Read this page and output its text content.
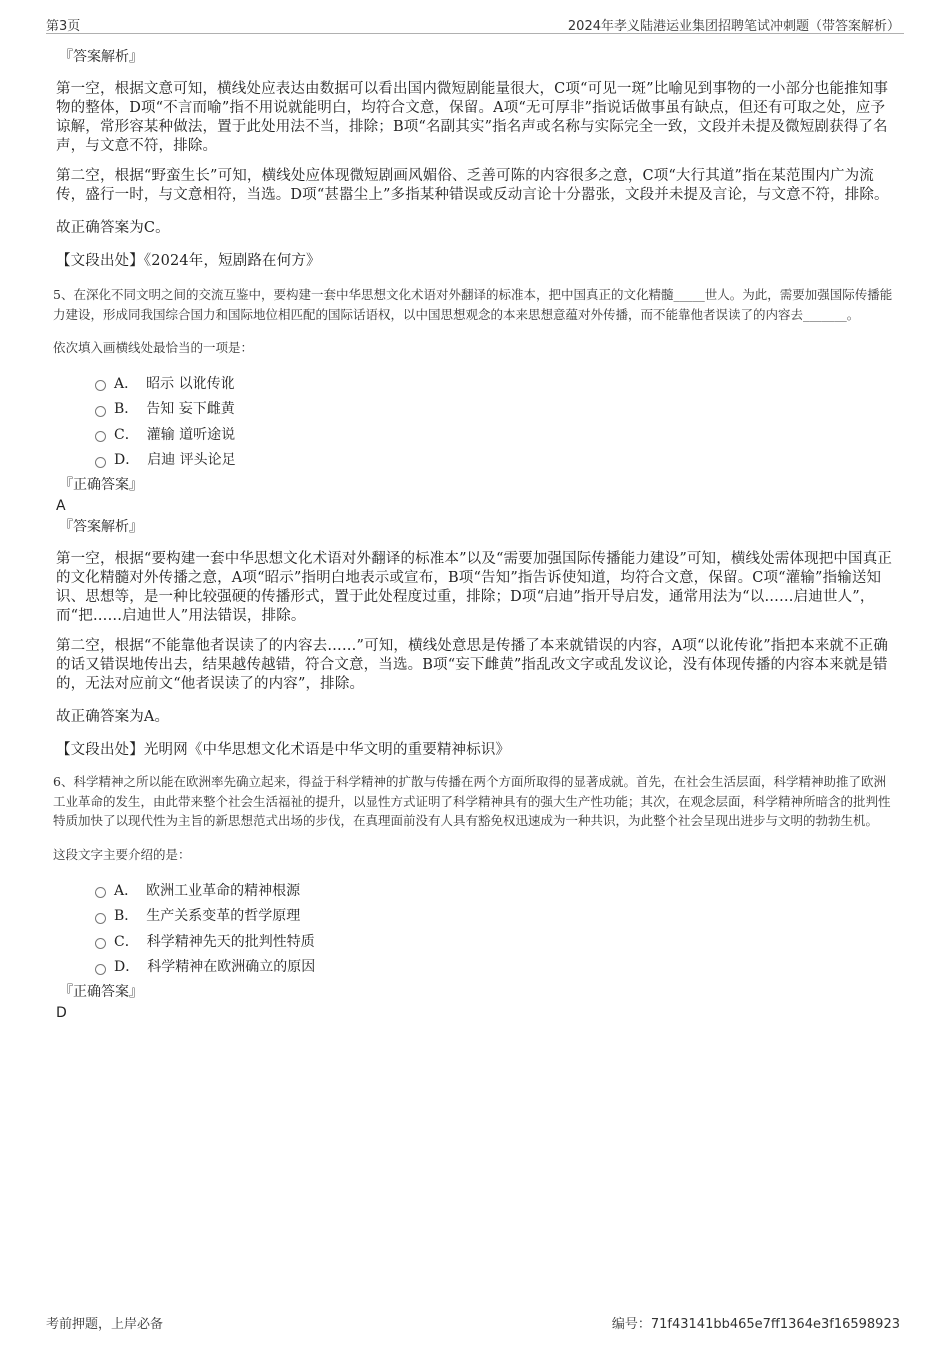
第3页	2024年孝义陆港运业集团招聘笔试冲刺题（带答案解析）
『答案解析』

第一空，根据文意可知，横线处应表达由数据可以看出国内微短剧能量很大，C项“可见一斑”比喻见到事物的一小部分也能推知事物的整体，D项“不言而喻”指不用说就能明白，均符合文意，保留。A项“无可厚非”指说话做事虽有缺点，但还有可取之处，应予谅解，常形容某种做法，置于此处用法不当，排除；B项“名副其实”指名声或名称与实际完全一致，文段并未提及微短剧获得了名声，与文意不符，排除。

第二空，根据“野蛮生长”可知，横线处应体现微短剧画风媚俗、乏善可陈的内容很多之意，C项“大行其道”指在某范围内广为流传，盛行一时，与文意相符，当选。D项“甚嚣尘上”多指某种错误或反动言论十分嚣张，文段并未提及言论，与文意不符，排除。

故正确答案为C。

【文段出处】《2024年，短剧路在何方》

5、在深化不同文明之间的交流互鉴中，要构建一套中华思想文化术语对外翻译的标准本，把中国真正的文化精髓_____世人。为此，需要加强国际传播能力建设，形成同我国综合国力和国际地位相匹配的国际话语权，以中国思想观念的本来思想意蕴对外传播，而不能靠他者误读了的内容去_______。

依次填入画横线处最恰当的一项是：

A． 昭示 以讹传讹
B． 告知 妄下雌黄
C． 灌输 道听途说
D． 启迪 评头论足
『正确答案』

A

『答案解析』

第一空，根据“要构建一套中华思想文化术语对外翻译的标准本”以及“需要加强国际传播能力建设”可知，横线处需体现把中国真正的文化精髓对外传播之意，A项“昭示”指明白地表示或宣布，B项“告知”指告诉使知道，均符合文意，保留。C项“灌输”指输送知识、思想等，是一种比较强硬的传播形式，置于此处程度过重，排除；D项“启迪”指开导启发，通常用法为“以……启迪世人”，而“把……启迪世人”用法错误，排除。

第二空，根据“不能靠他者误读了的内容去……”可知，横线处意思是传播了本来就错误的内容，A项“以讹传讹”指把本来就不正确的话又错误地传出去，结果越传越错，符合文意，当选。B项“妄下雌黄”指乱改文字或乱发议论，没有体现传播的内容本来就是错的，无法对应前文“他者误读了的内容”，排除。

故正确答案为A。

【文段出处】光明网《中华思想文化术语是中华文明的重要精神标识》

6、科学精神之所以能在欧洲率先确立起来，得益于科学精神的扩散与传播在两个方面所取得的显著成就。首先，在社会生活层面，科学精神助推了欧洲工业革命的发生，由此带来整个社会生活福祉的提升，以显性方式证明了科学精神具有的强大生产性功能；其次，在观念层面，科学精神所暗含的批判性特质加快了以现代性为主旨的新思想范式出场的步伐，在真理面前没有人具有豁免权迅速成为一种共识，为此整个社会呈现出进步与文明的勃勃生机。

这段文字主要介绍的是：

A． 欧洲工业革命的精神根源
B． 生产关系变革的哲学原理
C． 科学精神先天的批判性特质
D． 科学精神在欧洲确立的原因
『正确答案』

D

考前押题，上岸必备	编号：71f43141bb465e7ff1364e3f16598923
